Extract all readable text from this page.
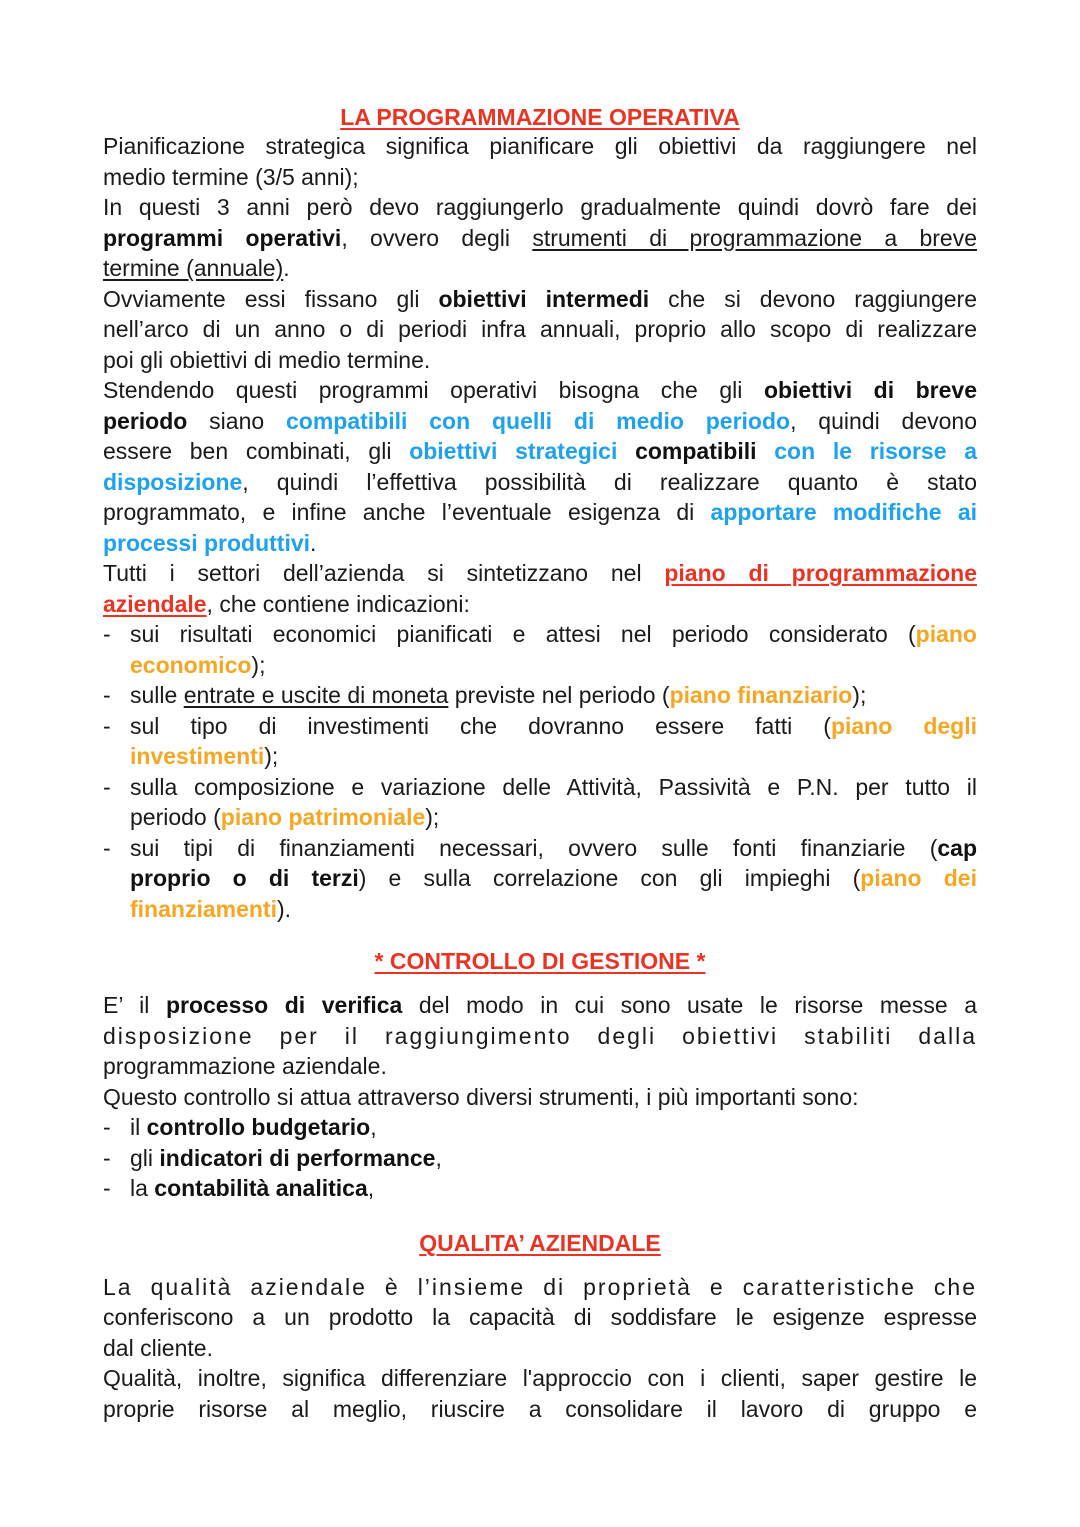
LA PROGRAMMAZIONE OPERATIVA
Pianificazione strategica significa pianificare gli obiettivi da raggiungere nel
medio termine (3/5 anni);
In questi 3 anni però devo raggiungerlo gradualmente quindi dovrò fare dei
programmi operativi, ovvero degli strumenti di programmazione a breve
termine (annuale).
Ovviamente essi fissano gli obiettivi intermedi che si devono raggiungere
nell’arco di un anno o di periodi infra annuali, proprio allo scopo di realizzare
poi gli obiettivi di medio termine.
Stendendo questi programmi operativi bisogna che gli obiettivi di breve
periodo siano compatibili con quelli di medio periodo, quindi devono
essere ben combinati, gli obiettivi strategici compatibili con le risorse a
disposizione, quindi l’effettiva possibilità di realizzare quanto è stato
programmato, e infine anche l’eventuale esigenza di apportare modifiche ai
processi produttivi.
Tutti i settori dell’azienda si sintetizzano nel piano di programmazione
aziendale, che contiene indicazioni:
- sui risultati economici pianificati e attesi nel periodo considerato (piano
economico);
- sulle entrate e uscite di moneta previste nel periodo (piano finanziario);
- sul tipo di investimenti che dovranno essere fatti (piano degli
investimenti);
- sulla composizione e variazione delle Attività, Passività e P.N. per tutto il
periodo (piano patrimoniale);
- sui tipi di finanziamenti necessari, ovvero sulle fonti finanziarie (cap
proprio o di terzi) e sulla correlazione con gli impieghi (piano dei
finanziamenti).
* CONTROLLO DI GESTIONE *
E’ il processo di verifica del modo in cui sono usate le risorse messe a
disposizione per il raggiungimento degli obiettivi stabiliti dalla
programmazione aziendale.
Questo controllo si attua attraverso diversi strumenti, i più importanti sono:
- il controllo budgetario,
- gli indicatori di performance,
- la contabilità analitica,
QUALITA’ AZIENDALE
La qualità aziendale è l’insieme di proprietà e caratteristiche che
conferiscono a un prodotto la capacità di soddisfare le esigenze espresse
dal cliente.
Qualità, inoltre, significa differenziare l'approccio con i clienti, saper gestire le
proprie risorse al meglio, riuscire a consolidare il lavoro di gruppo e
